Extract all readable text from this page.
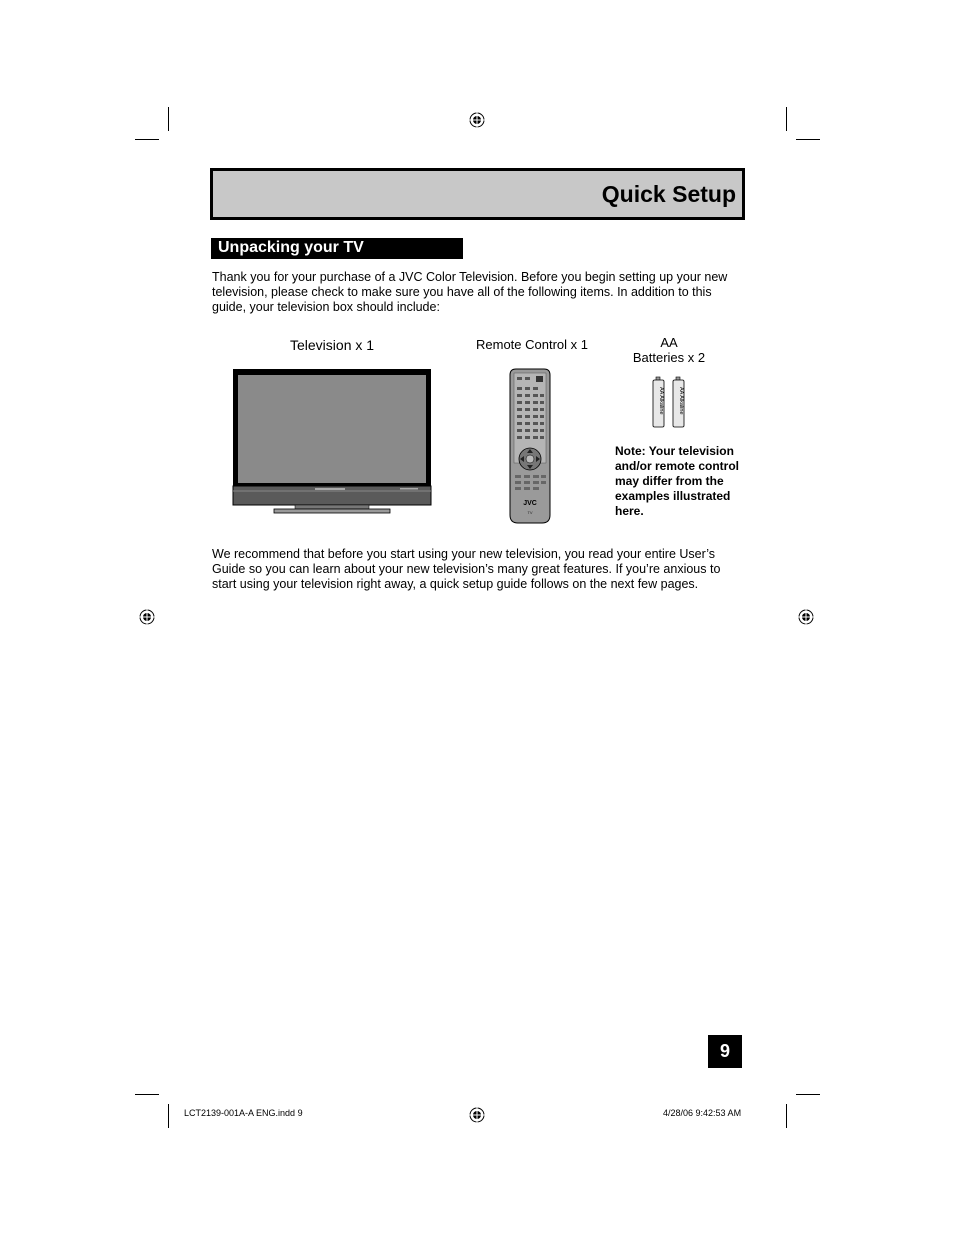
Quick Setup
Unpacking your TV
Thank you for your purchase of a JVC Color Television. Before you begin setting up your new television, please check to make sure you have all of the following items. In addition to this guide, your television box should include:
Television x 1	Remote Control x 1	AA
Batteries x 2
JVC
TV
AA Alkaline	AA Alkaline
Note: Your television and/or remote control may differ from the examples illustrated here.
We recommend that before you start using your new television, you read your entire User’s Guide so you can learn about your new television’s many great features. If you’re anxious to start using your television right away, a quick setup guide follows on the next few pages.
9
LCT2139-001A-A ENG.indd 9	4/28/06 9:42:53 AM
